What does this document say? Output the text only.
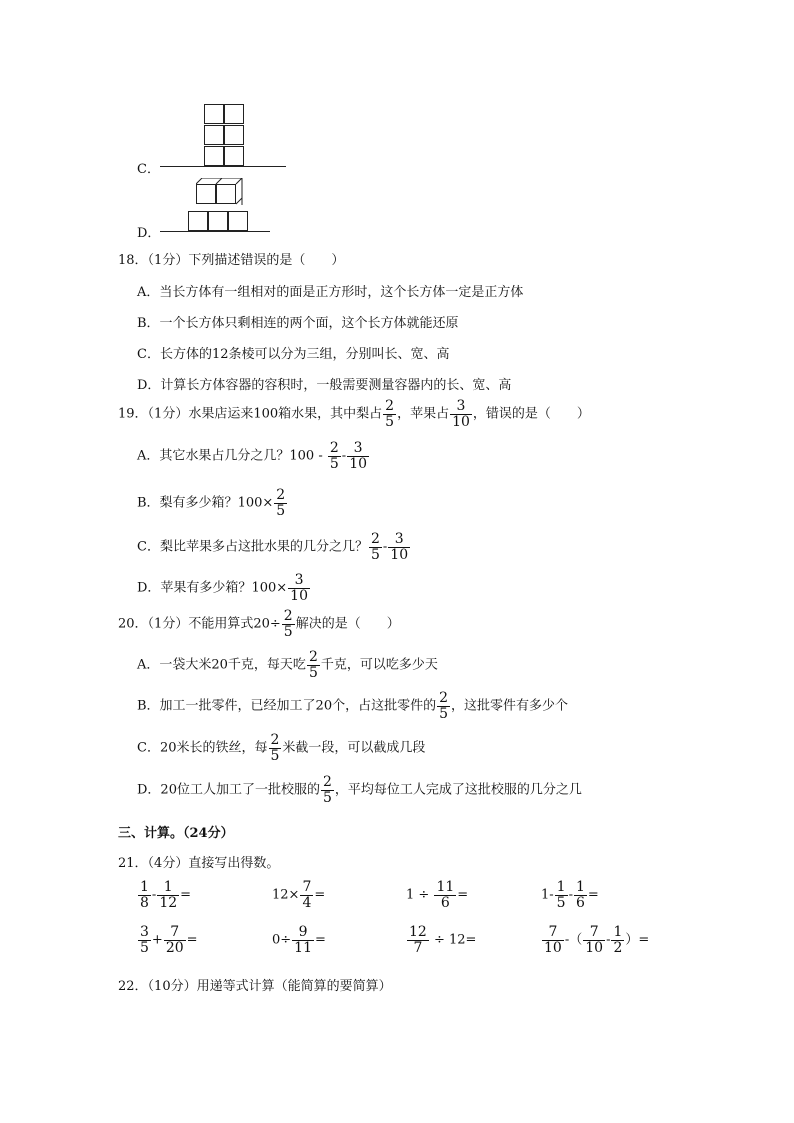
C．
D．
18．（1分）下列描述错误的是（　　）
A．当长方体有一组相对的面是正方形时，这个长方体一定是正方体
B．一个长方体只剩相连的两个面，这个长方体就能还原
C．长方体的12条棱可以分为三组，分别叫长、宽、高
D．计算长方体容器的容积时，一般需要测量容器内的长、宽、高
19．（1分）水果店运来100箱水果，其中梨占 $\frac{2}{5}$ ，苹果占 $\frac{3}{10}$ ，错误的是（　　）
A．其它水果占几分之几？$100 - \frac{2}{5} - \frac{3}{10}$
B．梨有多少箱？$100\times \frac{2}{5}$
C．梨比苹果多占这批水果的几分之几？ $\frac{2}{5} - \frac{3}{10}$
D．苹果有多少箱？$100\times \frac{3}{10}$
20．（1分）不能用算式$20\div \frac{2}{5}$ 解决的是（　　）
A．一袋大米20千克，每天吃 $\frac{2}{5}$ 千克，可以吃多少天
B．加工一批零件，已经加工了20个，占这批零件的 $\frac{2}{5}$ ，这批零件有多少个
C．20米长的铁丝，每 $\frac{2}{5}$ 米截一段，可以截成几段
D．20位工人加工了一批校服的 $\frac{2}{5}$ ，平均每位工人完成了这批校服的几分之几
三、计算。（24分）
21．（4分）直接写出得数。
$\frac{1}{8} - \frac{1}{12}$ =	$12\times \frac{7}{4}$ =	$1 \div \frac{11}{6}$ =	$1- \frac{1}{5} - \frac{1}{6}$ =
$\frac{3}{5} + \frac{7}{20}$ =	$0\div \frac{9}{11}$ =	$\frac{12}{7} \div 12=$	$\frac{7}{10}$ -（ $\frac{7}{10} - \frac{1}{2}$ ）=
22．（10分）用递等式计算（能简算的要简算）
